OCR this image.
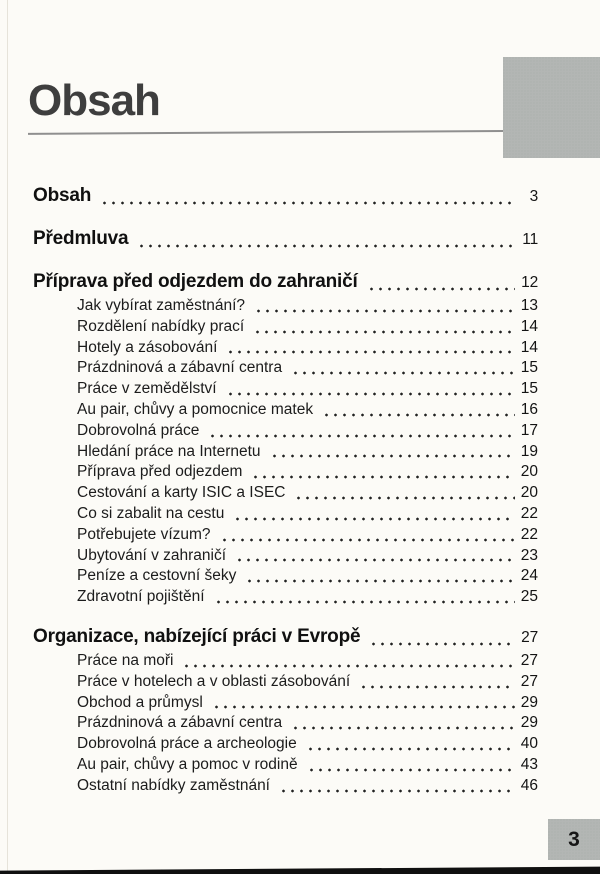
Obsah
Obsah	3
Předmluva	11
Příprava před odjezdem do zahraničí	12
Jak vybírat zaměstnání?	13
Rozdělení nabídky prací	14
Hotely a zásobování	14
Prázdninová a zábavní centra	15
Práce v zemědělství	15
Au pair, chůvy a pomocnice matek	16
Dobrovolná práce	17
Hledání práce na Internetu	19
Příprava před odjezdem	20
Cestování a karty ISIC a ISEC	20
Co si zabalit na cestu	22
Potřebujete vízum?	22
Ubytování v zahraničí	23
Peníze a cestovní šeky	24
Zdravotní pojištění	25
Organizace, nabízející práci v Evropě	27
Práce na moři	27
Práce v hotelech a v oblasti zásobování	27
Obchod a průmysl	29
Prázdninová a zábavní centra	29
Dobrovolná práce a archeologie	40
Au pair, chůvy a pomoc v rodině	43
Ostatní nabídky zaměstnání	46
3
